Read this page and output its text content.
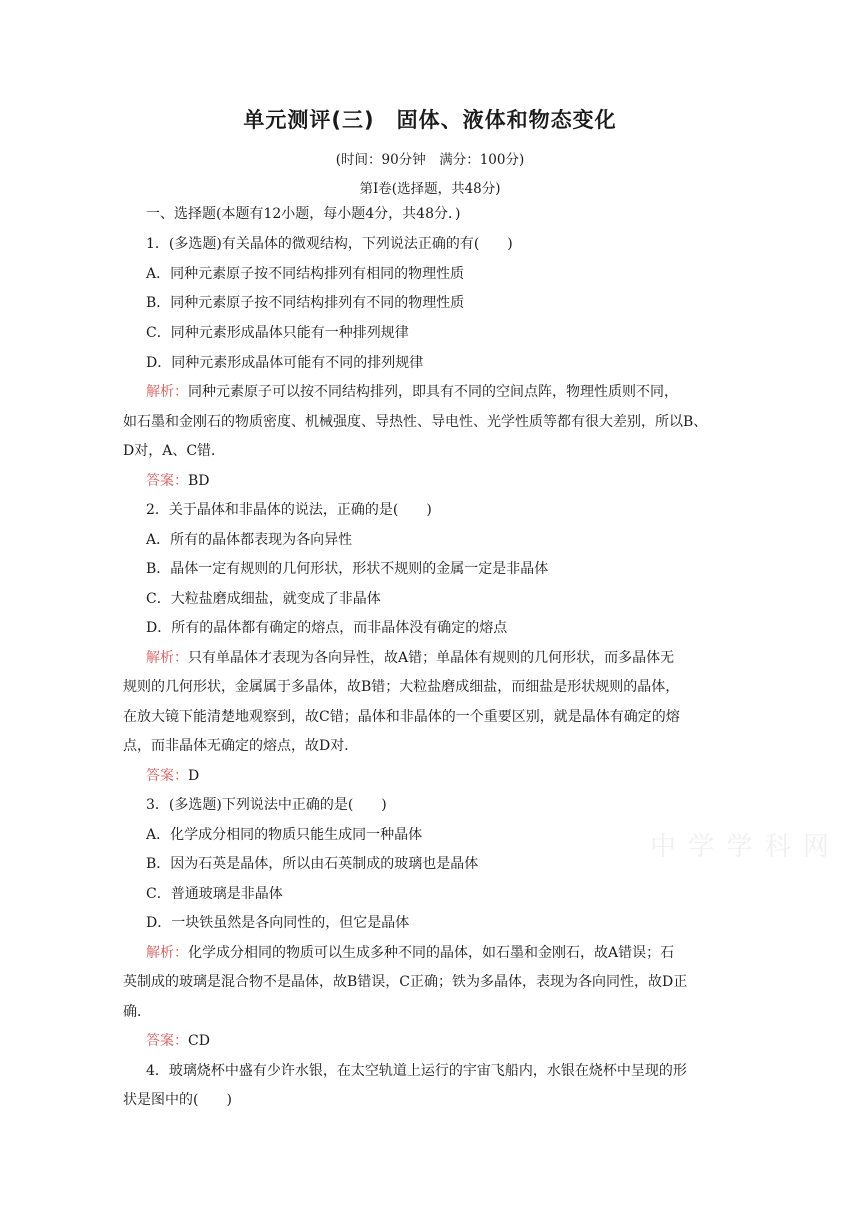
单元测评(三)　固体、液体和物态变化
(时间：90分钟　满分：100分)
第Ⅰ卷(选择题，共48分)
一、选择题(本题有12小题，每小题4分，共48分．)
1．(多选题)有关晶体的微观结构，下列说法正确的有(　　)
A．同种元素原子按不同结构排列有相同的物理性质
B．同种元素原子按不同结构排列有不同的物理性质
C．同种元素形成晶体只能有一种排列规律
D．同种元素形成晶体可能有不同的排列规律
解析：同种元素原子可以按不同结构排列，即具有不同的空间点阵，物理性质则不同，
如石墨和金刚石的物质密度、机械强度、导热性、导电性、光学性质等都有很大差别，所以B、
D对，A、C错．
答案：BD
2．关于晶体和非晶体的说法，正确的是(　　)
A．所有的晶体都表现为各向异性
B．晶体一定有规则的几何形状，形状不规则的金属一定是非晶体
C．大粒盐磨成细盐，就变成了非晶体
D．所有的晶体都有确定的熔点，而非晶体没有确定的熔点
解析：只有单晶体才表现为各向异性，故A错；单晶体有规则的几何形状，而多晶体无
规则的几何形状，金属属于多晶体，故B错；大粒盐磨成细盐，而细盐是形状规则的晶体，
在放大镜下能清楚地观察到，故C错；晶体和非晶体的一个重要区别，就是晶体有确定的熔
点，而非晶体无确定的熔点，故D对．
答案：D
3．(多选题)下列说法中正确的是(　　)
A．化学成分相同的物质只能生成同一种晶体
B．因为石英是晶体，所以由石英制成的玻璃也是晶体
C．普通玻璃是非晶体
D．一块铁虽然是各向同性的，但它是晶体
解析：化学成分相同的物质可以生成多种不同的晶体，如石墨和金刚石，故A错误；石
英制成的玻璃是混合物不是晶体，故B错误，C正确；铁为多晶体，表现为各向同性，故D正
确．
答案：CD
4．玻璃烧杯中盛有少许水银，在太空轨道上运行的宇宙飞船内，水银在烧杯中呈现的形
状是图中的(　　)
中 学 学 科 网
